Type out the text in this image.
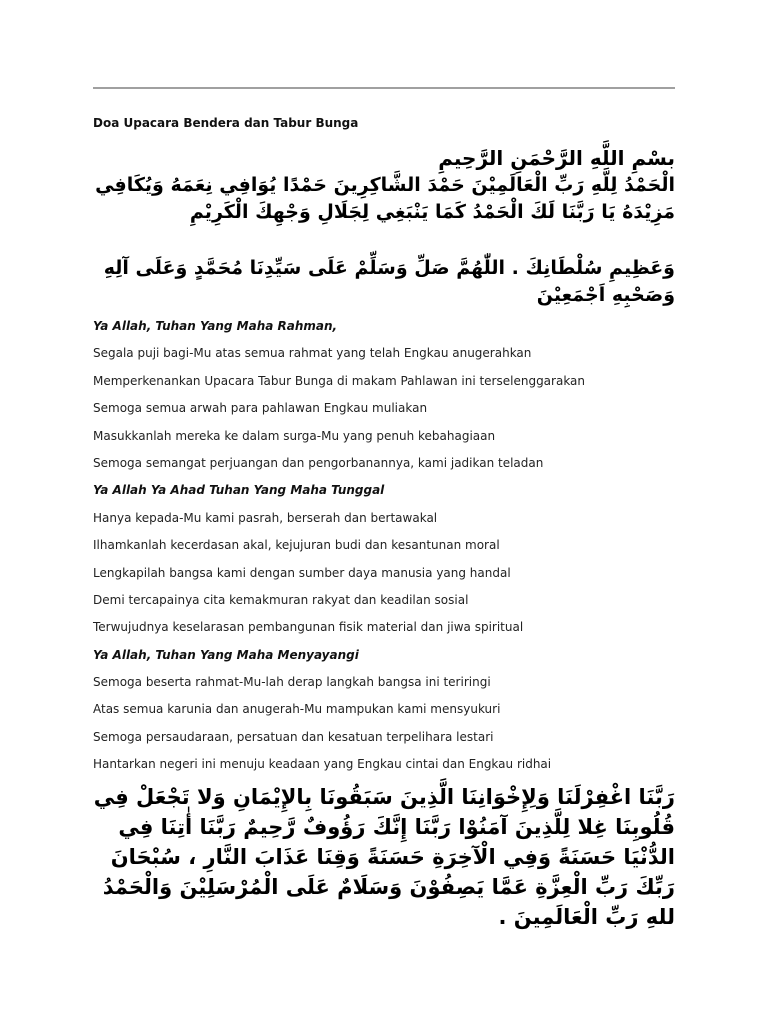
Doa Upacara Bendera dan Tabur Bunga
بسْمِ اللَّهِ الرَّحْمَنِ الرَّحِيمِ
الْحَمْدُ لِلَّهِ رَبِّ الْعَالَمِيْنَ حَمْدَ الشَّاكِرِينَ حَمْدًا يُوَافِي نِعَمَهُ وَيُكَافِي مَزِيْدَهُ يَا رَبَّنَا لَكَ الْحَمْدُ كَمَا يَنْبَغِي لِجَلَالِ وَجْهِكَ الْكَرِيْمِ
وَعَظِيمِ سُلْطَانِكَ . اللّٰهُمَّ صَلِّ وَسَلِّمْ عَلَى سَيِّدِنَا مُحَمَّدٍ وَعَلَى آلِهِ وَصَحْبِهِ اَجْمَعِيْنَ
Ya Allah, Tuhan Yang Maha Rahman,
Segala puji bagi-Mu atas semua rahmat yang telah Engkau anugerahkan
Memperkenankan Upacara Tabur Bunga di makam Pahlawan ini terselenggarakan
Semoga semua arwah para pahlawan Engkau muliakan
Masukkanlah mereka ke dalam surga-Mu yang penuh kebahagiaan
Semoga semangat perjuangan dan pengorbanannya, kami jadikan teladan
Ya Allah Ya Ahad Tuhan Yang Maha Tunggal
Hanya kepada-Mu kami pasrah, berserah dan bertawakal
Ilhamkanlah kecerdasan akal, kejujuran budi dan kesantunan moral
Lengkapilah bangsa kami dengan sumber daya manusia yang handal
Demi tercapainya cita kemakmuran rakyat dan keadilan sosial
Terwujudnya keselarasan pembangunan fisik material dan jiwa spiritual
Ya Allah, Tuhan Yang Maha Menyayangi
Semoga beserta rahmat-Mu-lah derap langkah bangsa ini teriringi
Atas semua karunia dan anugerah-Mu mampukan kami mensyukuri
Semoga persaudaraan, persatuan dan kesatuan terpelihara lestari
Hantarkan negeri ini menuju keadaan yang Engkau cintai dan Engkau ridhai
رَبَّنَا اغْفِرْلَنَا وَلِإِخْوَانِنَا الَّذِينَ سَبَقُونَا بِالإِيْمَانِ وَلا تَجْعَلْ فِي قُلُوبِنَا غِلا لِلَّذِينَ آمَنُوْا رَبَّنَا إِنَّكَ رَؤُوفٌ رَّحِيمٌ رَبَّنَا أٰتِنَا فِي الدُّنْيَا حَسَنَةً وَفِي الْآخِرَةِ حَسَنَةً وَقِنَا عَذَابَ النَّارِ ، سُبْحَانَ رَبِّكَ رَبِّ الْعِزَّةِ عَمَّا يَصِفُوْنَ وَسَلَامٌ عَلَى الْمُرْسَلِيْنَ وَالْحَمْدُ للهِ رَبِّ الْعَالَمِينَ .
